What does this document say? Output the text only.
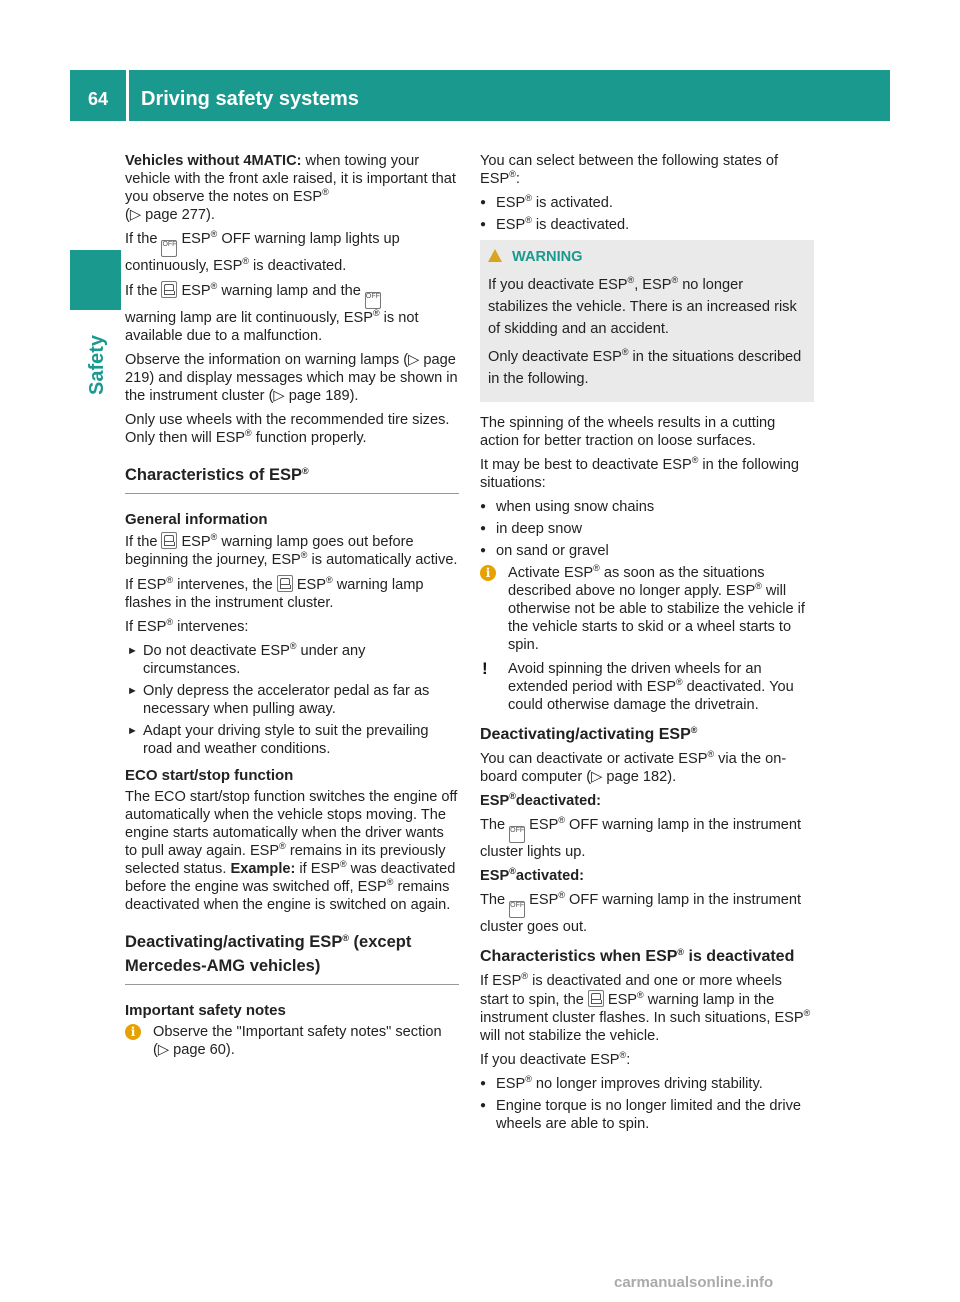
64	Driving safety systems
Safety

Vehicles without 4MATIC: when towing your vehicle with the front axle raised, it is important that you observe the notes on ESP®
(▷ page 277).

If the OFF ESP® OFF warning lamp lights up continuously, ESP® is deactivated.

If the ESP® warning lamp and the OFF
warning lamp are lit continuously, ESP® is not available due to a malfunction.

Observe the information on warning lamps (▷ page 219) and display messages which may be shown in the instrument cluster (▷ page 189).

Only use wheels with the recommended tire sizes. Only then will ESP® function properly.

Characteristics of ESP®
General information

If the ESP® warning lamp goes out before beginning the journey, ESP® is automatically active.

If ESP® intervenes, the ESP® warning lamp flashes in the instrument cluster.

If ESP® intervenes:

► Do not deactivate ESP® under any circumstances.
► Only depress the accelerator pedal as far as necessary when pulling away.
► Adapt your driving style to suit the prevailing road and weather conditions.
ECO start/stop function

The ECO start/stop function switches the engine off automatically when the vehicle stops moving. The engine starts automatically when the driver wants to pull away again. ESP® remains in its previously selected status. Example: if ESP® was deactivated before the engine was switched off, ESP® remains deactivated when the engine is switched on again.

Deactivating/activating ESP® (except Mercedes-AMG vehicles)
Important safety notes
i	Observe the "Important safety notes" section (▷ page 60).

You can select between the following states of ESP®:

● ESP® is activated.
● ESP® is deactivated.
WARNING

If you deactivate ESP®, ESP® no longer stabilizes the vehicle. There is an increased risk of skidding and an accident.

Only deactivate ESP® in the situations described in the following.

The spinning of the wheels results in a cutting action for better traction on loose surfaces.

It may be best to deactivate ESP® in the following situations:

● when using snow chains
● in deep snow
● on sand or gravel
i	Activate ESP® as soon as the situations described above no longer apply. ESP® will otherwise not be able to stabilize the vehicle if the vehicle starts to skid or a wheel starts to spin.
! Avoid spinning the driven wheels for an extended period with ESP® deactivated. You could otherwise damage the drivetrain.
Deactivating/activating ESP®

You can deactivate or activate ESP® via the on-board computer (▷ page 182).

ESP®deactivated:

The OFF ESP® OFF warning lamp in the instrument cluster lights up.

ESP®activated:

The OFF ESP® OFF warning lamp in the instrument cluster goes out.

Characteristics when ESP® is deactivated

If ESP® is deactivated and one or more wheels start to spin, the ESP® warning lamp in the instrument cluster flashes. In such situations, ESP® will not stabilize the vehicle.

If you deactivate ESP®:

● ESP® no longer improves driving stability.
● Engine torque is no longer limited and the drive wheels are able to spin.
carmanualsonline.info
